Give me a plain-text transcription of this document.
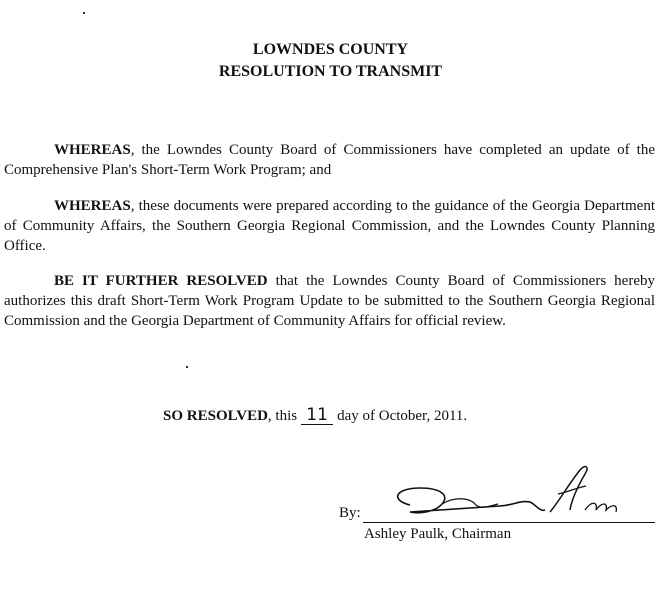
LOWNDES COUNTY
RESOLUTION TO TRANSMIT
WHEREAS, the Lowndes County Board of Commissioners have completed an update of the Comprehensive Plan's Short-Term Work Program; and
WHEREAS, these documents were prepared according to the guidance of the Georgia Department of Community Affairs, the Southern Georgia Regional Commission, and the Lowndes County Planning Office.
BE IT FURTHER RESOLVED that the Lowndes County Board of Commissioners hereby authorizes this draft Short-Term Work Program Update to be submitted to the Southern Georgia Regional Commission and the Georgia Department of Community Affairs for official review.
SO RESOLVED, this 11 day of October, 2011.
By:
Ashley Paulk, Chairman
